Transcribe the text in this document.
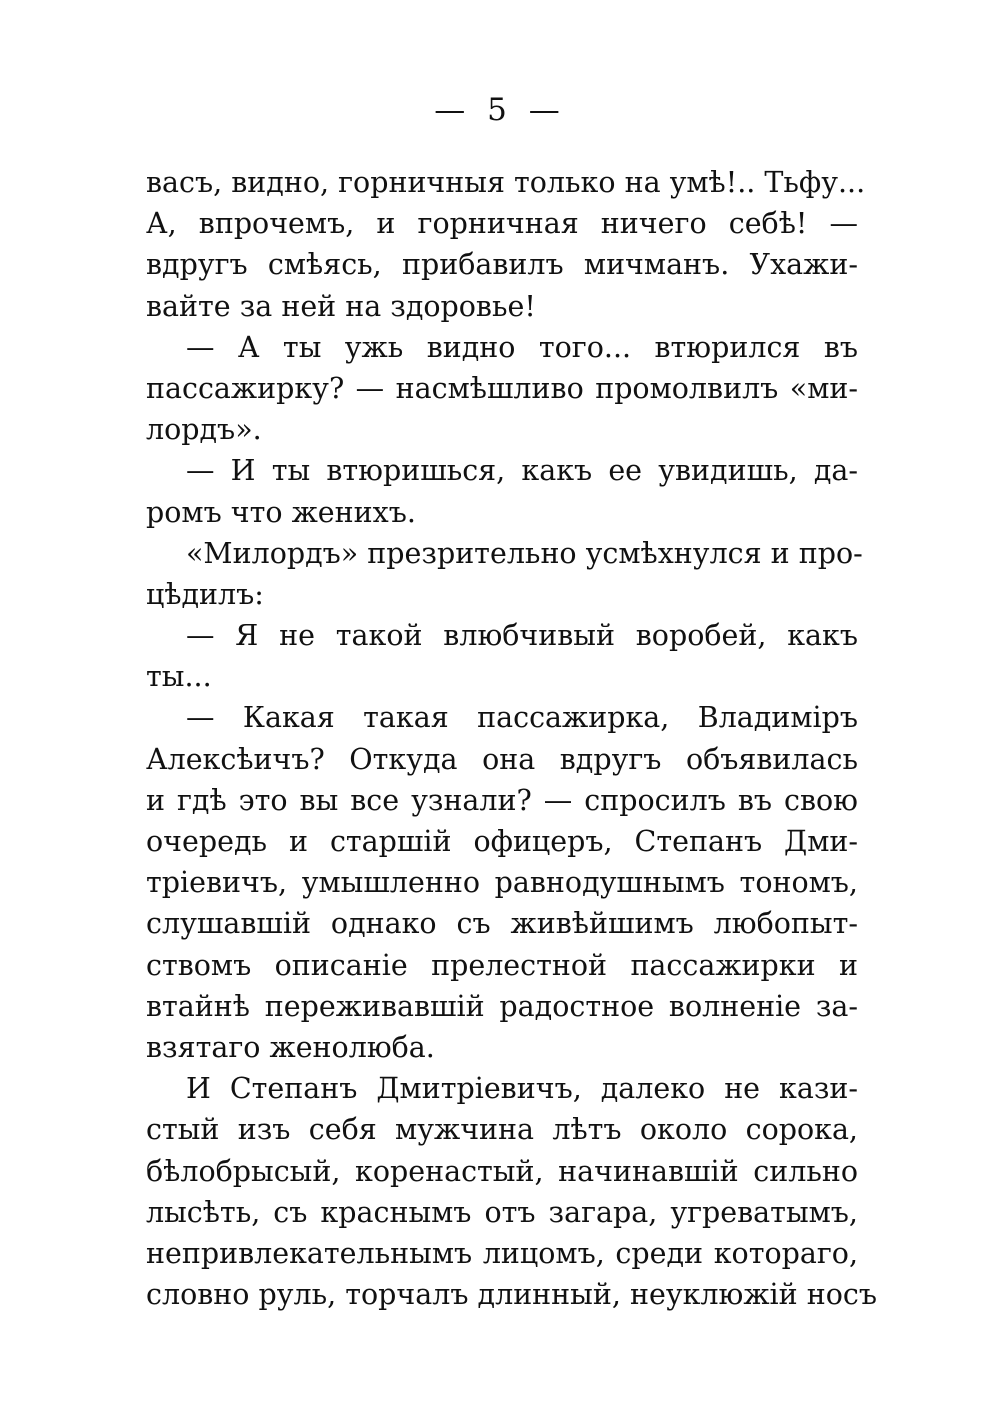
— 5 —
васъ, видно, горничныя только на умѣ!.. Тьфу...
А, впрочемъ, и горничная ничего себѣ! —
вдругъ смѣясь, прибавилъ мичманъ. Ухажи-
вайте за ней на здоровье!
— А ты ужь видно того... втюрился въ
пассажирку? — насмѣшливо промолвилъ «ми-
лордъ».
— И ты втюришься, какъ ее увидишь, да-
ромъ что женихъ.
«Милордъ» презрительно усмѣхнулся и про-
цѣдилъ:
— Я не такой влюбчивый воробей, какъ
ты...
— Какая такая пассажирка, Владиміръ
Алексѣичъ? Откуда она вдругъ объявилась
и гдѣ это вы все узнали? — спросилъ въ свою
очередь и старшій офицеръ, Степанъ Дми-
тріевичъ, умышленно равнодушнымъ тономъ,
слушавшій однако съ живѣйшимъ любопыт-
ствомъ описаніе прелестной пассажирки и
втайнѣ переживавшій радостное волненіе за-
взятаго женолюба.
И Степанъ Дмитріевичъ, далеко не кази-
стый изъ себя мужчина лѣтъ около сорока,
бѣлобрысый, коренастый, начинавшій сильно
лысѣть, съ краснымъ отъ загара, угреватымъ,
непривлекательнымъ лицомъ, среди котораго,
словно руль, торчалъ длинный, неуклюжій носъ
